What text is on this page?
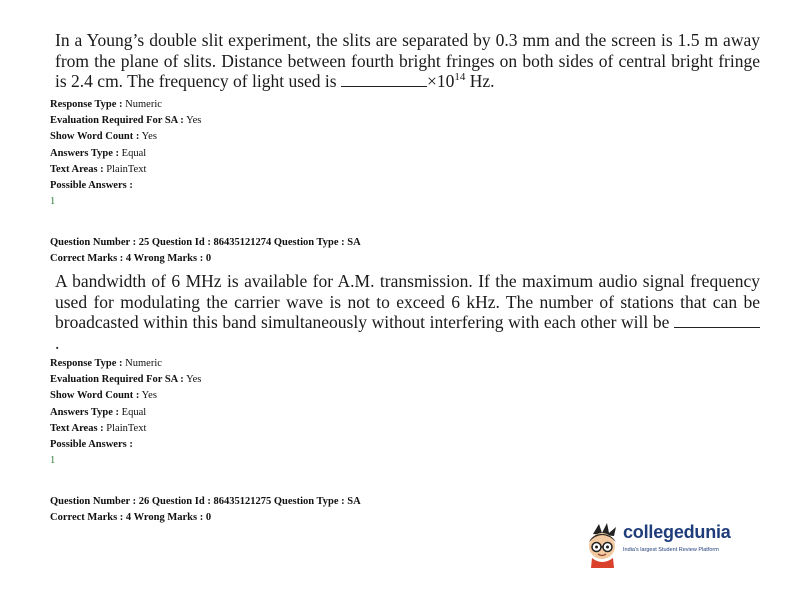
In a Young’s double slit experiment, the slits are separated by 0.3 mm and the screen is 1.5 m away from the plane of slits. Distance between fourth bright fringes on both sides of central bright fringe is 2.4 cm. The frequency of light used is	$\times 10^{14}$ Hz.
Response Type : Numeric
Evaluation Required For SA : Yes
Show Word Count : Yes
Answers Type : Equal
Text Areas : PlainText
Possible Answers :
1
Question Number : 25 Question Id : 86435121274 Question Type : SA
Correct Marks : 4 Wrong Marks : 0
A bandwidth of 6 MHz is available for A.M. transmission. If the maximum audio signal frequency used for modulating the carrier wave is not to exceed 6 kHz. The number of stations that can be broadcasted within this band simultaneously without interfering with each other will be .
Response Type : Numeric
Evaluation Required For SA : Yes
Show Word Count : Yes
Answers Type : Equal
Text Areas : PlainText
Possible Answers :
1
Question Number : 26 Question Id : 86435121275 Question Type : SA
Correct Marks : 4 Wrong Marks : 0
collegedunia
India's largest Student Review Platform
